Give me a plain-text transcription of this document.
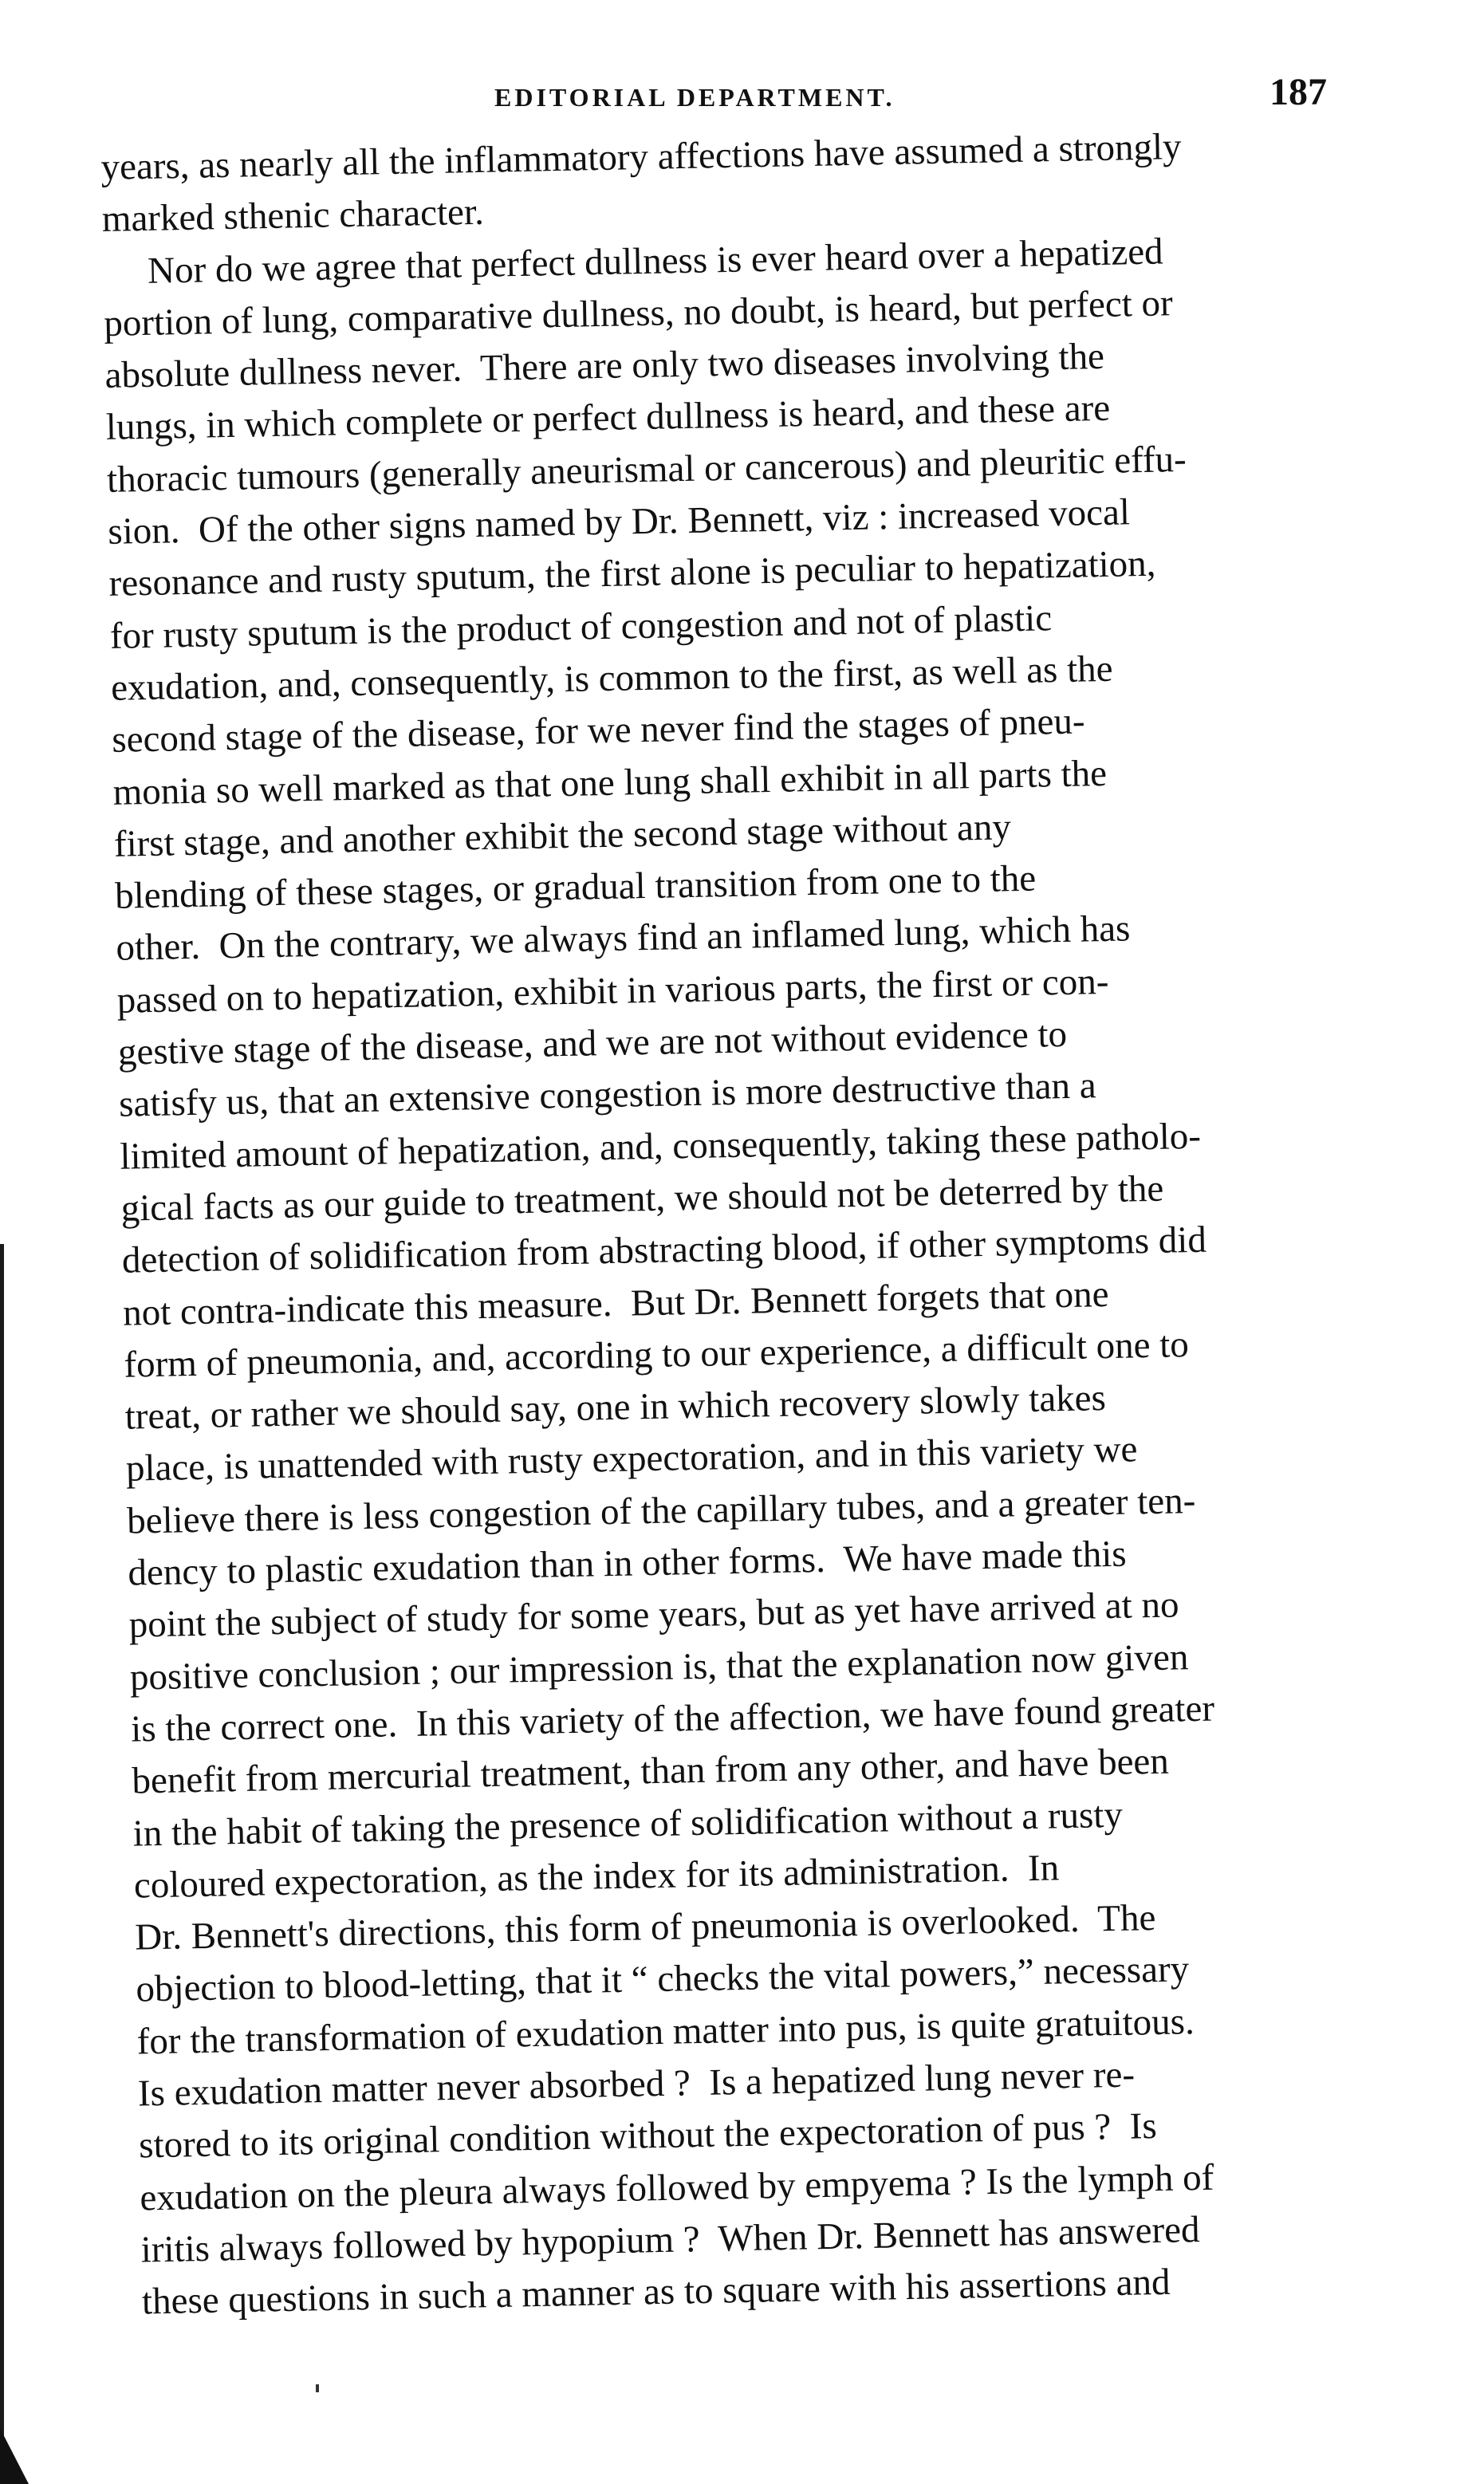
EDITORIAL DEPARTMENT.	187
years, as nearly all the inflammatory affections have assumed a strongly
marked sthenic character.
Nor do we agree that perfect dullness is ever heard over a hepatized
portion of lung, comparative dullness, no doubt, is heard, but perfect or
absolute dullness never.  There are only two diseases involving the
lungs, in which complete or perfect dullness is heard, and these are
thoracic tumours (generally aneurismal or cancerous) and pleuritic effu-
sion.  Of the other signs named by Dr. Bennett, viz : increased vocal
resonance and rusty sputum, the first alone is peculiar to hepatization,
for rusty sputum is the product of congestion and not of plastic
exudation, and, consequently, is common to the first, as well as the
second stage of the disease, for we never find the stages of pneu-
monia so well marked as that one lung shall exhibit in all parts the
first stage, and another exhibit the second stage without any
blending of these stages, or gradual transition from one to the
other.  On the contrary, we always find an inflamed lung, which has
passed on to hepatization, exhibit in various parts, the first or con-
gestive stage of the disease, and we are not without evidence to
satisfy us, that an extensive congestion is more destructive than a
limited amount of hepatization, and, consequently, taking these patholo-
gical facts as our guide to treatment, we should not be deterred by the
detection of solidification from abstracting blood, if other symptoms did
not contra-indicate this measure.  But Dr. Bennett forgets that one
form of pneumonia, and, according to our experience, a difficult one to
treat, or rather we should say, one in which recovery slowly takes
place, is unattended with rusty expectoration, and in this variety we
believe there is less congestion of the capillary tubes, and a greater ten-
dency to plastic exudation than in other forms.  We have made this
point the subject of study for some years, but as yet have arrived at no
positive conclusion ; our impression is, that the explanation now given
is the correct one.  In this variety of the affection, we have found greater
benefit from mercurial treatment, than from any other, and have been
in the habit of taking the presence of solidification without a rusty
coloured expectoration, as the index for its administration.  In
Dr. Bennett's directions, this form of pneumonia is overlooked.  The
objection to blood-letting, that it “ checks the vital powers,” necessary
for the transformation of exudation matter into pus, is quite gratuitous.
Is exudation matter never absorbed ?  Is a hepatized lung never re-
stored to its original condition without the expectoration of pus ?  Is
exudation on the pleura always followed by empyema ? Is the lymph of
iritis always followed by hypopium ?  When Dr. Bennett has answered
these questions in such a manner as to square with his assertions and
